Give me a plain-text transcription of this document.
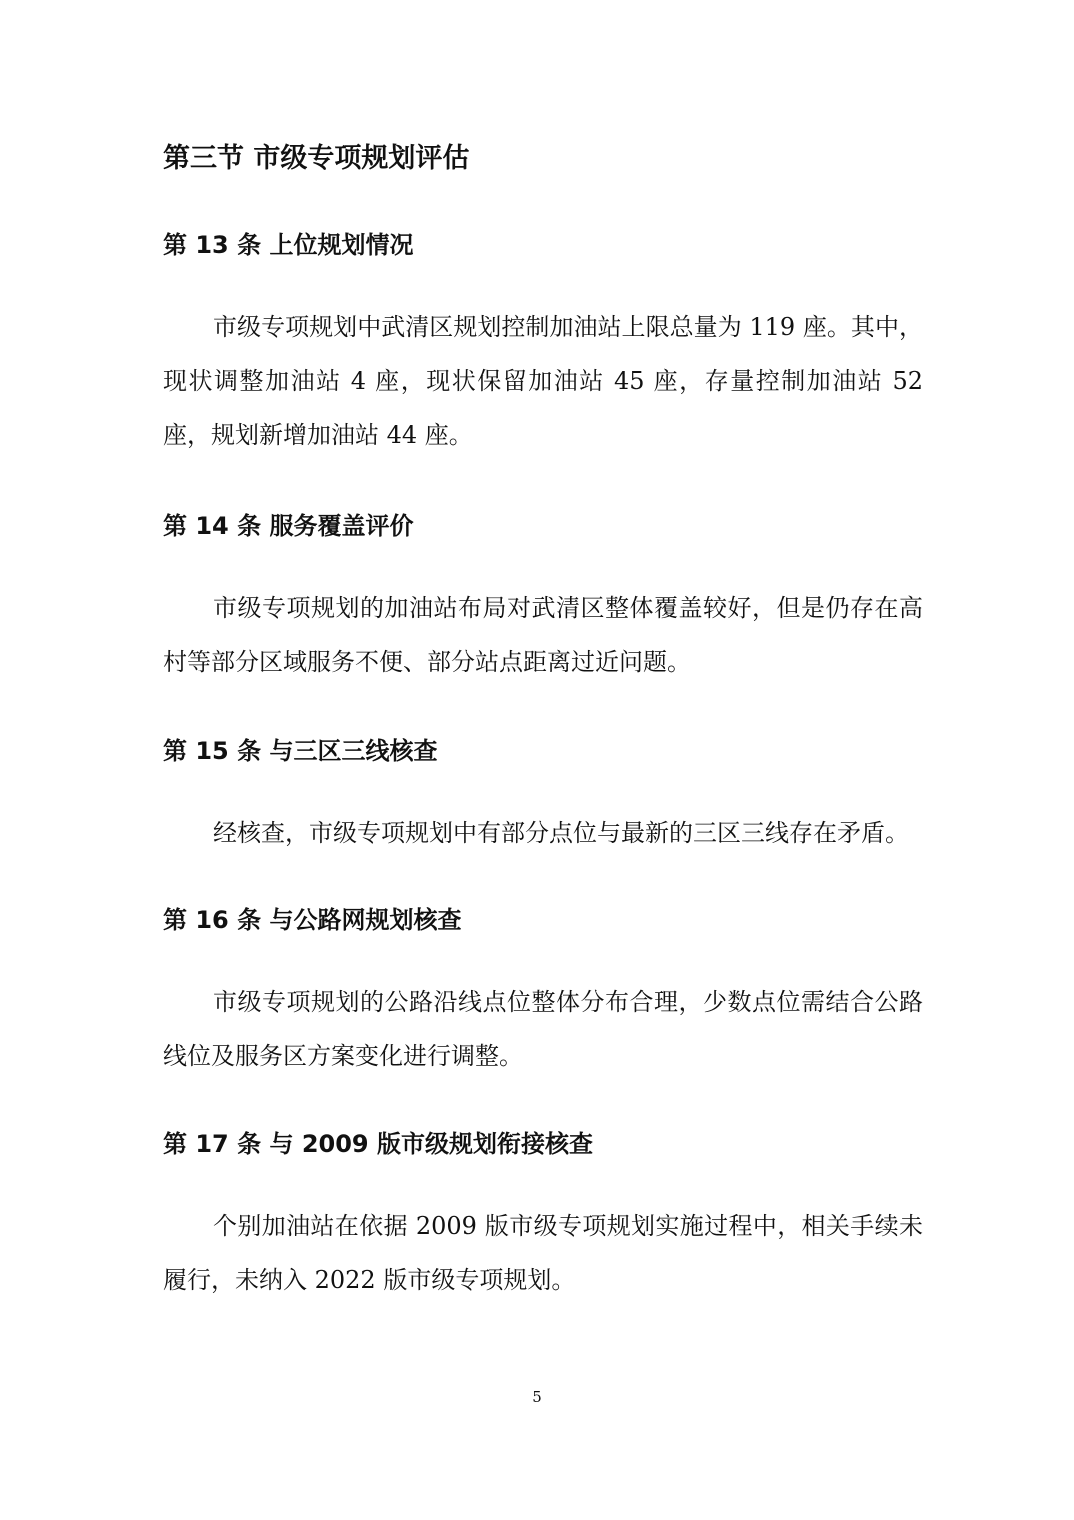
第三节 市级专项规划评估
第 13 条 上位规划情况

市级专项规划中武清区规划控制加油站上限总量为 119 座。其中，现状调整加油站 4 座，现状保留加油站 45 座，存量控制加油站 52 座，规划新增加油站 44 座。

第 14 条 服务覆盖评价

市级专项规划的加油站布局对武清区整体覆盖较好，但是仍存在高村等部分区域服务不便、部分站点距离过近问题。

第 15 条 与三区三线核查

经核查，市级专项规划中有部分点位与最新的三区三线存在矛盾。

第 16 条 与公路网规划核查

市级专项规划的公路沿线点位整体分布合理，少数点位需结合公路线位及服务区方案变化进行调整。

第 17 条 与 2009 版市级规划衔接核查

个别加油站在依据 2009 版市级专项规划实施过程中，相关手续未履行，未纳入 2022 版市级专项规划。

5
